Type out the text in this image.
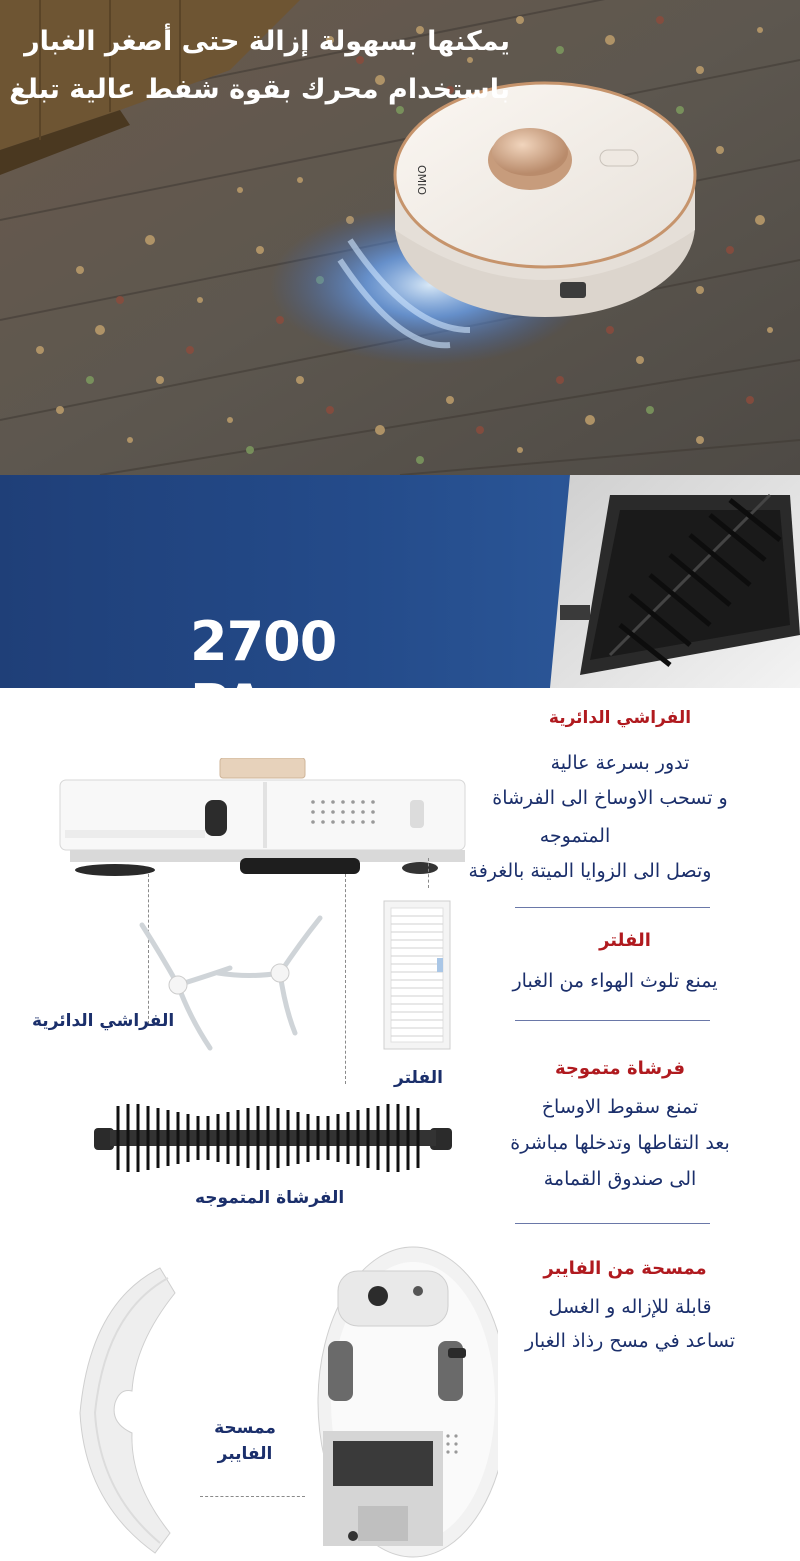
OMIO
يمكنها بسهولة إزالة حتى أصغر الغبار
باستخدام محرك بقوة شفط عالية تبلغ
2700 PA.
الفراشي الدائرية
الفلتر
الفرشاة المتموجه
ممسحة
الفايبر
الفراشي الدائرية
تدور بسرعة عالية
و تسحب الاوساخ الى الفرشاة
المتموجه
وتصل الى الزوايا الميتة بالغرفة
الفلتر
يمنع تلوث الهواء من الغبار
فرشاة متموجة
تمنع سقوط الاوساخ
بعد التقاطها وتدخلها مباشرة
الى صندوق القمامة
ممسحة من الفايبر
قابلة للإزاله و الغسل
تساعد في مسح رذاذ الغبار
